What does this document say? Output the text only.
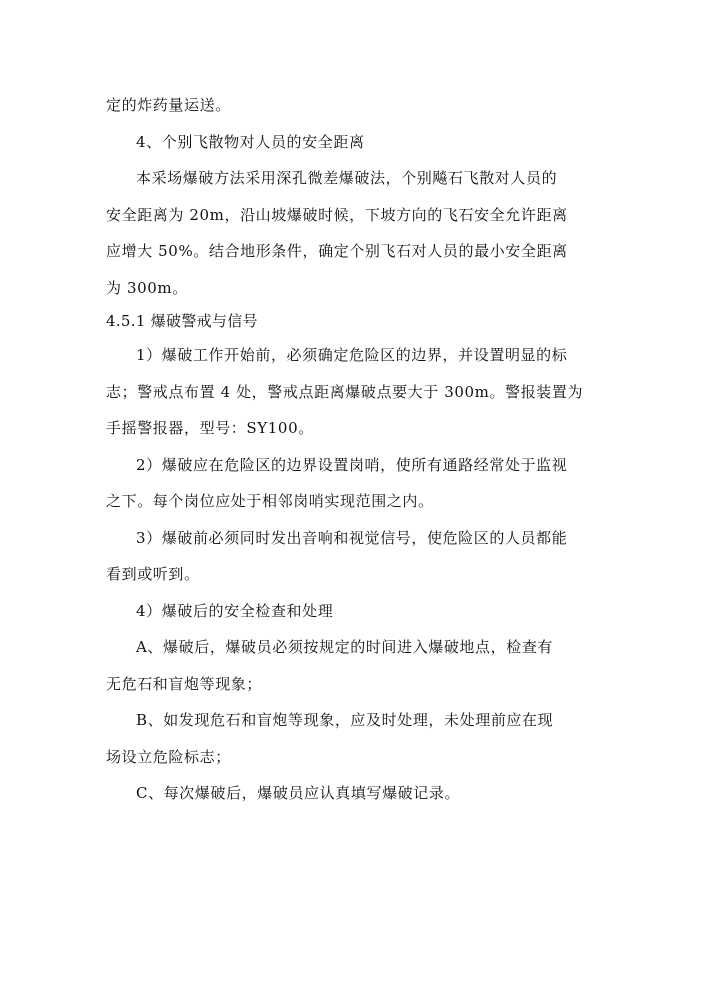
定的炸药量运送。

4、个别飞散物对人员的安全距离

本采场爆破方法采用深孔微差爆破法，个别飚石飞散对人员的
安全距离为 20m，沿山坡爆破时候，下坡方向的飞石安全允许距离
应增大 50%。结合地形条件，确定个别飞石对人员的最小安全距离
为 300m。

4.5.1 爆破警戒与信号

1）爆破工作开始前，必须确定危险区的边界，并设置明显的标
志；警戒点布置 4 处，警戒点距离爆破点要大于 300m。警报装置为
手摇警报器，型号：SY100。

2）爆破应在危险区的边界设置岗哨，使所有通路经常处于监视
之下。每个岗位应处于相邻岗哨实现范围之内。

3）爆破前必须同时发出音响和视觉信号，使危险区的人员都能
看到或听到。

4）爆破后的安全检查和处理

A、爆破后，爆破员必须按规定的时间进入爆破地点，检查有
无危石和盲炮等现象；

B、如发现危石和盲炮等现象，应及时处理，未处理前应在现
场设立危险标志；

C、每次爆破后，爆破员应认真填写爆破记录。
